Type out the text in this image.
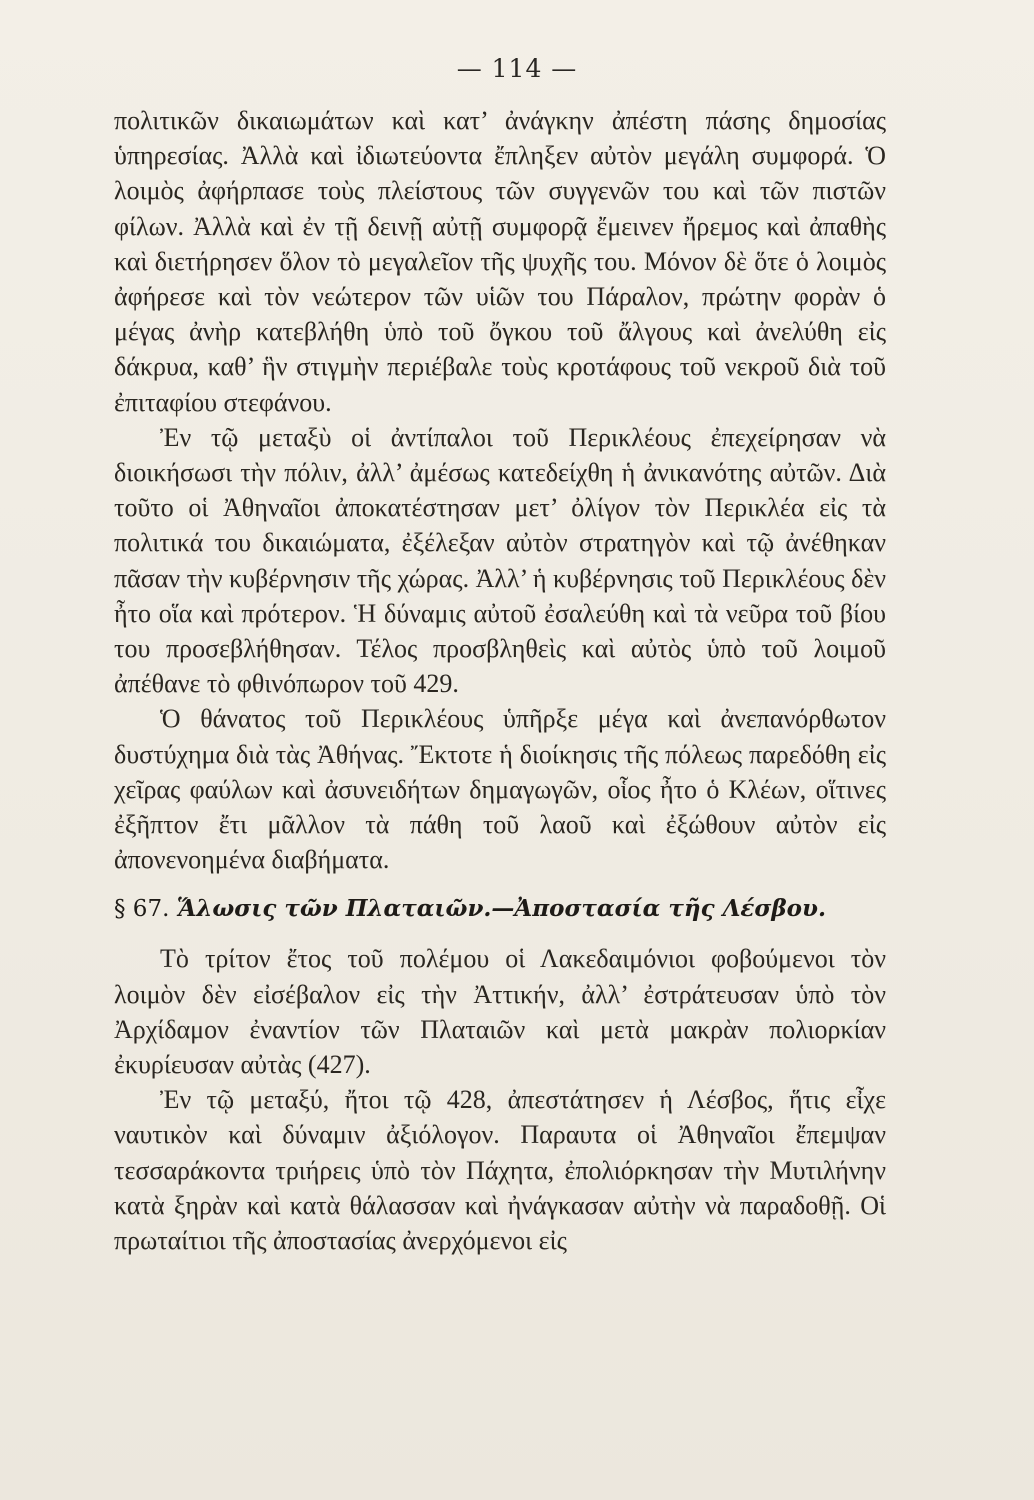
— 114 —

πολιτικῶν δικαιωμάτων καὶ κατ’ ἀνάγκην ἀπέστη πάσης δημοσίας ὑπηρεσίας. Ἀλλὰ καὶ ἰδιωτεύοντα ἔπληξεν αὐτὸν μεγάλη συμφορά. Ὁ λοιμὸς ἀφήρπασε τοὺς πλείστους τῶν συγγενῶν του καὶ τῶν πιστῶν φίλων. Ἀλλὰ καὶ ἐν τῇ δεινῇ αὐτῇ συμφορᾷ ἔμεινεν ἤρεμος καὶ ἀπαθὴς καὶ διετήρησεν ὅλον τὸ μεγαλεῖον τῆς ψυχῆς του. Μόνον δὲ ὅτε ὁ λοιμὸς ἀφήρεσε καὶ τὸν νεώτερον τῶν υἱῶν του Πάραλον, πρώτην φορὰν ὁ μέγας ἀνὴρ κατεβλήθη ὑπὸ τοῦ ὄγκου τοῦ ἄλγους καὶ ἀνελύθη εἰς δάκρυα, καθ’ ἣν στιγμὴν περιέβαλε τοὺς κροτάφους τοῦ νεκροῦ διὰ τοῦ ἐπιταφίου στεφάνου.

Ἐν τῷ μεταξὺ οἱ ἀντίπαλοι τοῦ Περικλέους ἐπεχείρησαν νὰ διοικήσωσι τὴν πόλιν, ἀλλ’ ἀμέσως κατεδείχθη ἡ ἀνικανότης αὐτῶν. Διὰ τοῦτο οἱ Ἀθηναῖοι ἀποκατέστησαν μετ’ ὀλίγον τὸν Περικλέα εἰς τὰ πολιτικά του δικαιώματα, ἐξέλεξαν αὐτὸν στρατηγὸν καὶ τῷ ἀνέθηκαν πᾶσαν τὴν κυβέρνησιν τῆς χώρας. Ἀλλ’ ἡ κυβέρνησις τοῦ Περικλέους δὲν ἦτο οἵα καὶ πρότερον. Ἡ δύναμις αὐτοῦ ἐσαλεύθη καὶ τὰ νεῦρα τοῦ βίου του προσεβλήθησαν. Τέλος προσβληθεὶς καὶ αὐτὸς ὑπὸ τοῦ λοιμοῦ ἀπέθανε τὸ φθινόπωρον τοῦ 429.

Ὁ θάνατος τοῦ Περικλέους ὑπῆρξε μέγα καὶ ἀνεπανόρθωτον δυστύχημα διὰ τὰς Ἀθήνας. Ἔκτοτε ἡ διοίκησις τῆς πόλεως παρεδόθη εἰς χεῖρας φαύλων καὶ ἀσυνειδήτων δημαγωγῶν, οἷος ἦτο ὁ Κλέων, οἵτινες ἐξῆπτον ἔτι μᾶλλον τὰ πάθη τοῦ λαοῦ καὶ ἐξώθουν αὐτὸν εἰς ἀπονενοημένα διαβήματα.

§ 67. Ἅλωσις τῶν Πλαταιῶν.—Ἀποστασία τῆς Λέσβου.

Τὸ τρίτον ἔτος τοῦ πολέμου οἱ Λακεδαιμόνιοι φοβούμενοι τὸν λοιμὸν δὲν εἰσέβαλον εἰς τὴν Ἀττικήν, ἀλλ’ ἐστράτευσαν ὑπὸ τὸν Ἀρχίδαμον ἐναντίον τῶν Πλαταιῶν καὶ μετὰ μακρὰν πολιορκίαν ἐκυρίευσαν αὐτὰς (427).

Ἐν τῷ μεταξύ, ἤτοι τῷ 428, ἀπεστάτησεν ἡ Λέσβος, ἥτις εἶχε ναυτικὸν καὶ δύναμιν ἀξιόλογον. Παραυτα οἱ Ἀθηναῖοι ἔπεμψαν τεσσαράκοντα τριήρεις ὑπὸ τὸν Πάχητα, ἐπολιόρκησαν τὴν Μυτιλήνην κατὰ ξηρὰν καὶ κατὰ θάλασσαν καὶ ἠνάγκασαν αὐτὴν νὰ παραδοθῇ. Οἱ πρωταίτιοι τῆς ἀποστασίας ἀνερχόμενοι εἰς
